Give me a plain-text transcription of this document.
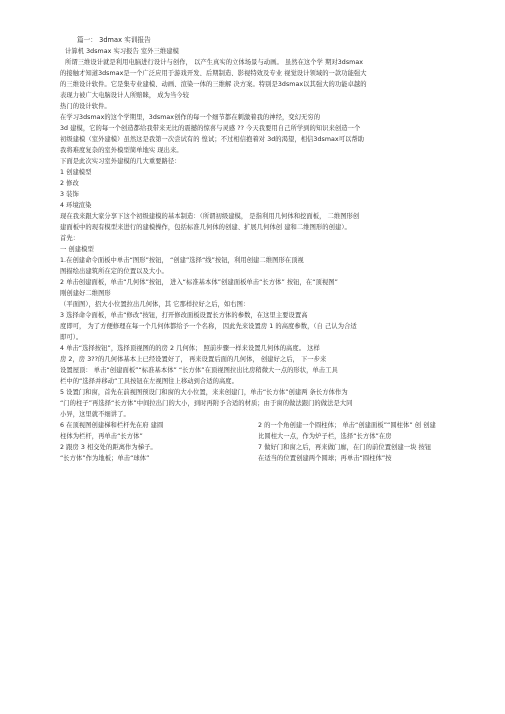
篇一： 3dmax 实训报告
计算机 3dsmax 实习报告 室外三维建模
所谓三维设计就是利用电脑进行设计与创作， 以产生真实的立体场景与动画。 虽然在这个学 期对3dsmax
的接触才知道3dsmax是一个广泛应用于游戏开发、后期制造、影视特效及专业 视觉设计领域的一款功能强大
的三维设计软件。它是集专业建模、动画、渲染一体的三维解 决方案。特别是3dsmax以其强大的功能卓越的
表现力被广大电脑设计人所赔睐， 成为当今较
热门的设计软件。
在学习3dsmax的这个学期里，3dsmax创作的每一个细节都在刺激着我的神经，变幻无穷的
3d 建模，它的每一个创造都给我带来无比的震撼的惊喜与灵感 ?? 今天我要用自己所学到的知识来创造一个
初级建模（室外建模）虽然这是我第一次尝试有的 惶试；不过相信抱着对 3d的渴望，相信3dsmax可以帮助
我将难度复杂的室外模型简单地实 现出来。
下面是此次实习室外建模的几大重要路径：
1 创建模型
2 修改
3 装饰
4 环境渲染
现在我来跟大家分享下这个初级建模的基本制造：（所谓初级建模， 是指利用几何体和挖面板， 二维图形创
建面板中的现有模型来进行的建模操作，包括标准几何体的创建、扩展几何体创 建和二维图形的创建）。
首先：
一 创建模型
1.在创建命令面板中单击“图形”按钮， “创建”选择“线”按钮，利用创建二维图形在顶视
图描绘出建筑所在定的位置以及大小。
2 单击创建面板，单击“几何体”按钮， 进入“标准基本体”创建面板单击“长方体” 按钮，在“顶视图”
刚创建好二维图形
（平面图），招大小位置拉出几何体，其 它那样拉好之后，如右图：
3 选择命令面板，单击“修改”按钮，打开修改面板设置长方体的参数，在这里主要设置高
度即可， 为了方便修理在每一个几何体都给予一个名称， 因此先来设置房 1 的高度参数，（自 己认为合适
即可）。
4 单击“选择按钮”，选择顶视图的的房 2 几何体； 照前步骤一样来设置几何体的高度。 这样
房 2，房 3??的几何体基本上已经设置好了， 再来设置后面的几何体， 创建好之后， 下一步来
设置屋顶： 单击“创建面板”“标准基本体” “长方体”在顶视图拉出比房稍微大一点的形状，单击工具
栏中的“选择并移动”工具按钮在左视图往上移动到合适的高度。
5 设置门和窗，首先在前视图预设门和窗的大小位置，来来创建门，单击“长方体”创建两 条长方体作为
“门的柱子”再选择“长方体”中间拉出门的大小，到时再附予合适的材质；由于窗的做法跟门的做法是大同
小异，这里就不细讲了。
6 在顶视图创建梯和栏杆先在府 建圆
柱体为栏杆，再单击“长方体”
2 跟房 3 相交处的距离作为梯子。
“长方体”作为地板；单击“球体”
2 的一个角创建一个圆柱体； 单击“创建面板”“圆柱体” 创 创建
比圆柱大一点，作为炉子栏，选择“长方体”在房
7 做好门和窗之后，再来做门廊，在门的前位置创建一块 按钮
在适当的位置创建两个圆球；再单击“圆柱体”按
